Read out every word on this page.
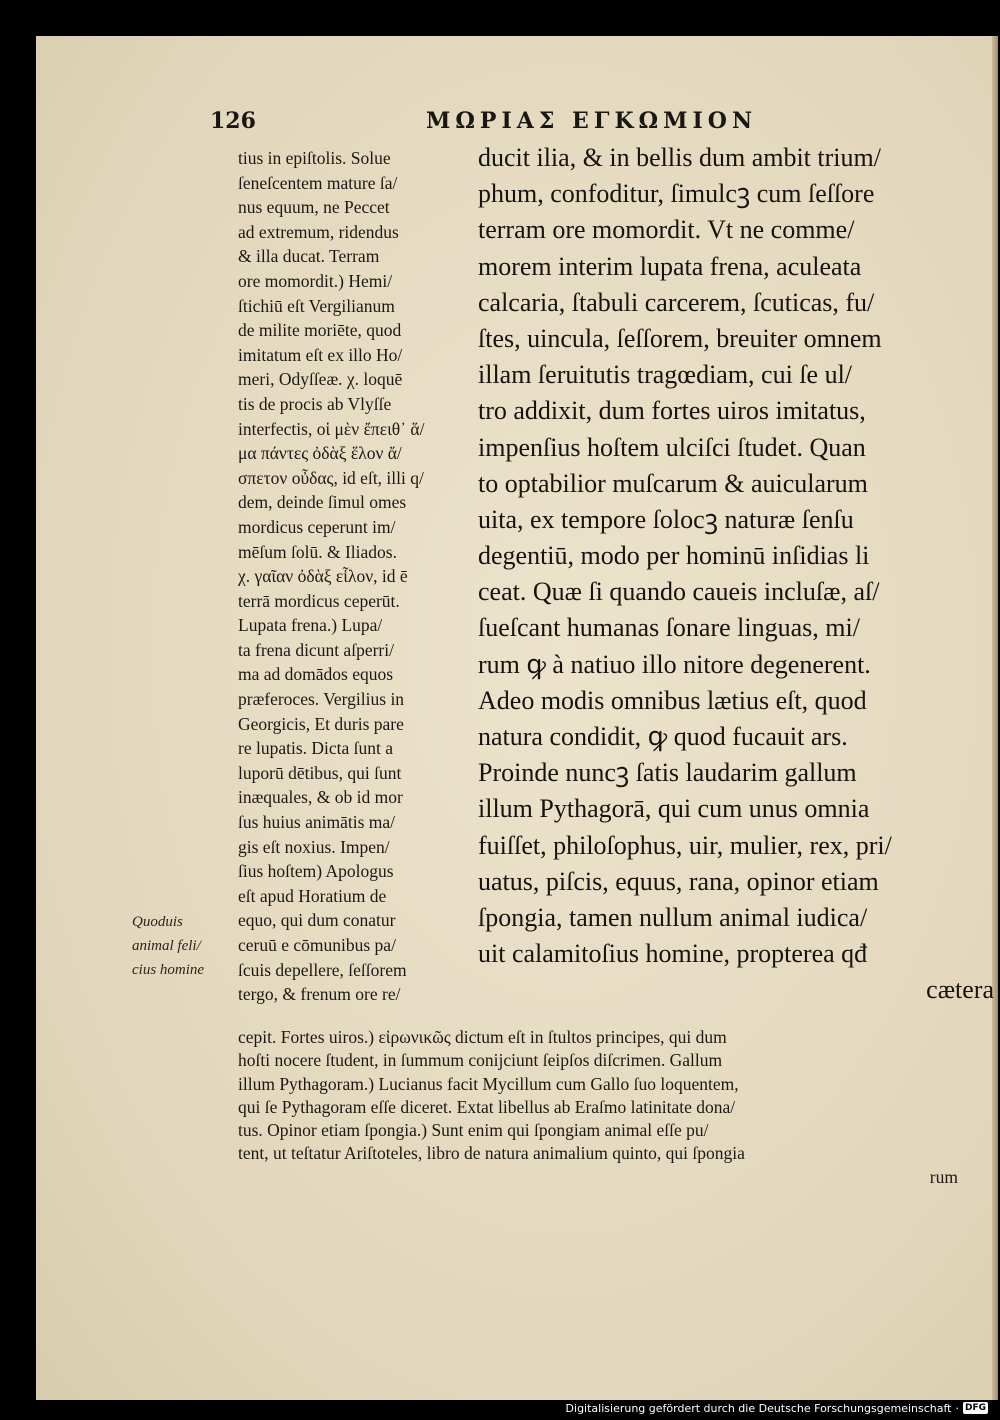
126	ΜΩΡΙΑΣ ΕΓΚΩΜΙΟΝ
tius in epiſtolis. Solue
ſeneſcentem mature ſa/
nus equum, ne Peccet
ad extremum, ridendus
& illa ducat. Terram
ore momordit.) Hemi/
ſtichiū eſt Vergilianum
de milite moriēte, quod
imitatum eſt ex illo Ho/
meri, Odyſſeæ. χ. loquē
tis de procis ab Vlyſſe
interfectis, οἱ μὲν ἔπειθ᾽ ἅ/
μα πάντες ὀδὰξ ἕλον ἄ/
σπετον οὖδας, id eſt, illi q/
dem, deinde ſimul omes
mordicus ceperunt im/
mēſum ſolū. & Iliados.
χ. γαῖαν ὀδὰξ εἷλον, id ē
terrā mordicus ceperūt.
Lupata frena.) Lupa/
ta frena dicunt aſperri/
ma ad domādos equos
præferoces. Vergilius in
Georgicis, Et duris pare
re lupatis. Dicta ſunt a
luporū dētibus, qui ſunt
inæquales, & ob id mor
ſus huius animātis ma/
gis eſt noxius. Impen/
ſius hoſtem) Apologus
eſt apud Horatium de
equo, qui dum conatur
ceruū e cōmunibus pa/
ſcuis depellere, ſeſſorem
tergo, & frenum ore re/
ducit ilia, & in bellis dum ambit trium/
phum, confoditur, ſimulcꝫ cum ſeſſore
terram ore momordit. Vt ne comme/
morem interim lupata frena, aculeata
calcaria, ſtabuli carcerem, ſcuticas, fu/
ſtes, uincula, ſeſſorem, breuiter omnem
illam ſeruitutis tragœdiam, cui ſe ul/
tro addixit, dum fortes uiros imitatus,
impenſius hoſtem ulciſci ſtudet. Quan
to optabilior muſcarum & auicularum
uita, ex tempore ſolocꝫ naturæ ſenſu
degentiū, modo per hominū inſidias li
ceat. Quæ ſi quando caueis incluſæ, aſ/
ſueſcant humanas ſonare linguas, mi/
rum ꝙ à natiuo illo nitore degenerent.
Adeo modis omnibus lætius eſt, quod
natura condidit, ꝙ quod fucauit ars.
Proinde nuncꝫ ſatis laudarim gallum
illum Pythagorā, qui cum unus omnia
fuiſſet, philoſophus, uir, mulier, rex, pri/
uatus, piſcis, equus, rana, opinor etiam
ſpongia, tamen nullum animal iudica/
uit calamitoſius homine, propterea qđ
cætera
Quoduis
animal feli/
cius homine
cepit. Fortes uiros.) εἰρωνικῶς dictum eſt in ſtultos principes, qui dum
hoſti nocere ſtudent, in ſummum conijciunt ſeipſos diſcrimen. Gallum
illum Pythagoram.) Lucianus facit Mycillum cum Gallo ſuo loquentem,
qui ſe Pythagoram eſſe diceret. Extat libellus ab Eraſmo latinitate dona/
tus. Opinor etiam ſpongia.) Sunt enim qui ſpongiam animal eſſe pu/
tent, ut teſtatur Ariſtoteles, libro de natura animalium quinto, qui ſpongia
rum
Digitalisierung gefördert durch die Deutsche Forschungsgemeinschaft · DFG
